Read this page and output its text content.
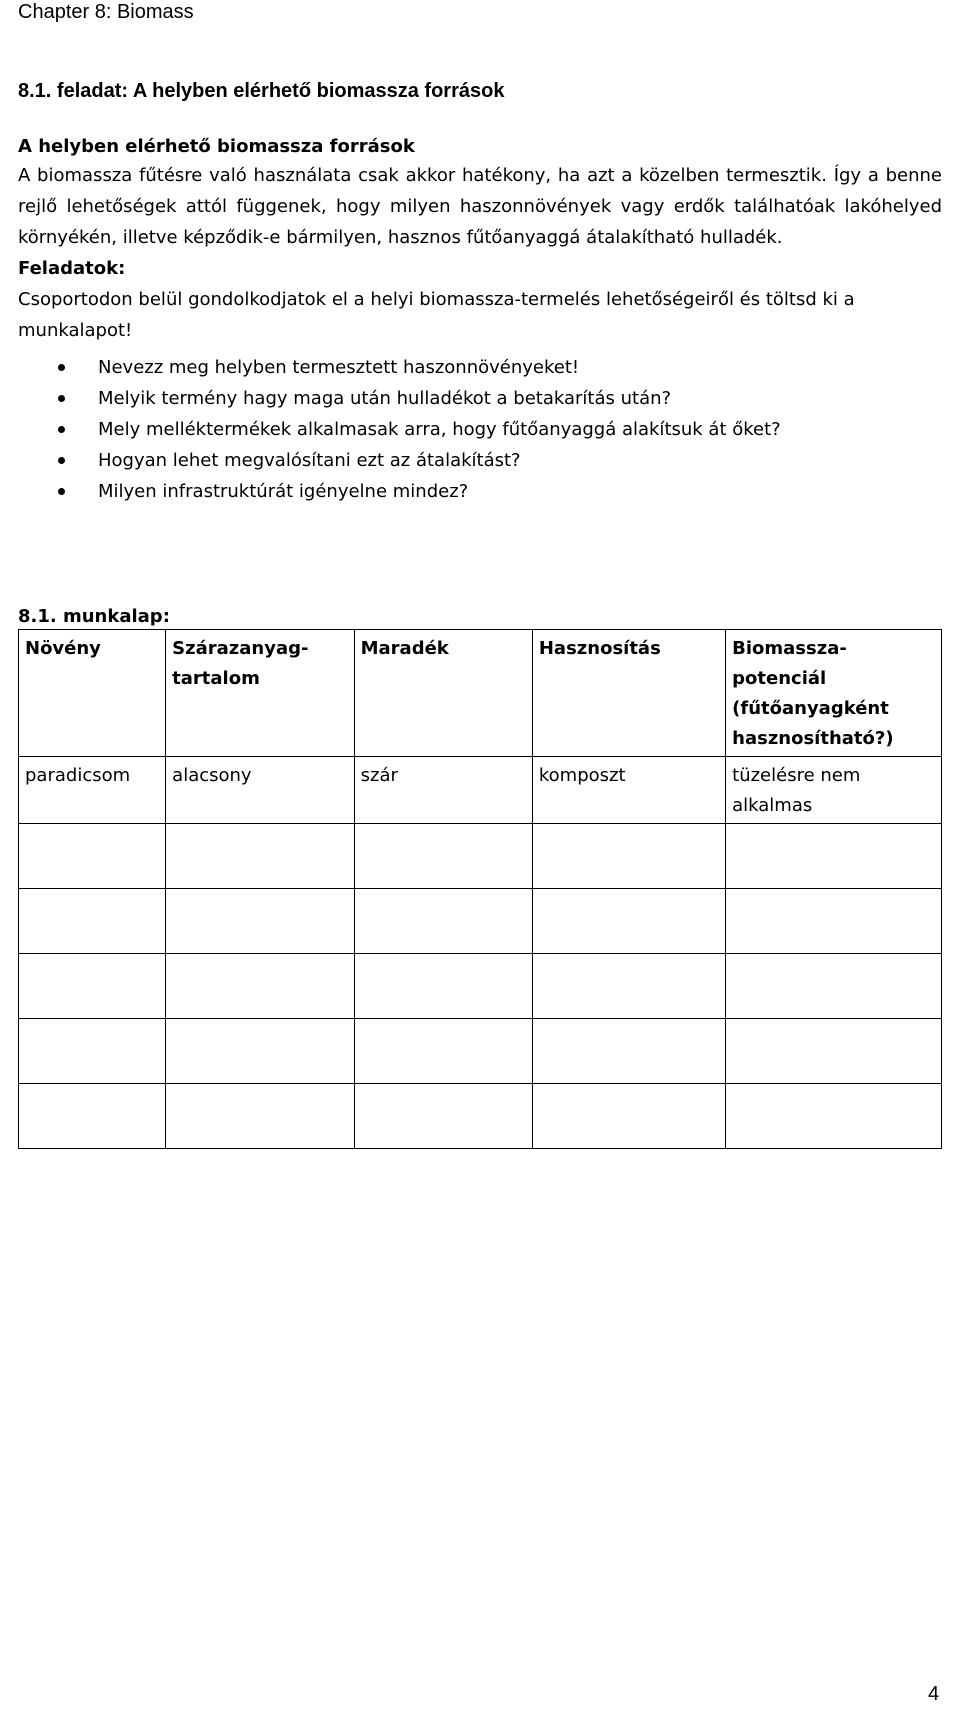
Chapter 8: Biomass
8.1. feladat: A helyben elérhető biomassza források
A helyben elérhető biomassza források

A biomassza fűtésre való használata csak akkor hatékony, ha azt a közelben termesztik. Így a benne rejlő lehetőségek attól függenek, hogy milyen haszonnövények vagy erdők találhatóak lakóhelyed környékén, illetve képződik-e bármilyen, hasznos fűtőanyaggá átalakítható hulladék.

Feladatok:

Csoportodon belül gondolkodjatok el a helyi biomassza-termelés lehetőségeiről és töltsd ki a munkalapot!

Nevezz meg helyben termesztett haszonnövényeket!
Melyik termény hagy maga után hulladékot a betakarítás után?
Mely melléktermékek alkalmasak arra, hogy fűtőanyaggá alakítsuk át őket?
Hogyan lehet megvalósítani ezt az átalakítást?
Milyen infrastruktúrát igényelne mindez?
8.1. munkalap:
Növény	Szárazanyag-tartalom	Maradék	Hasznosítás	Biomassza-potenciál (fűtőanyagként hasznosítható?)
paradicsom	alacsony	szár	komposzt	tüzelésre nem alkalmas

4
